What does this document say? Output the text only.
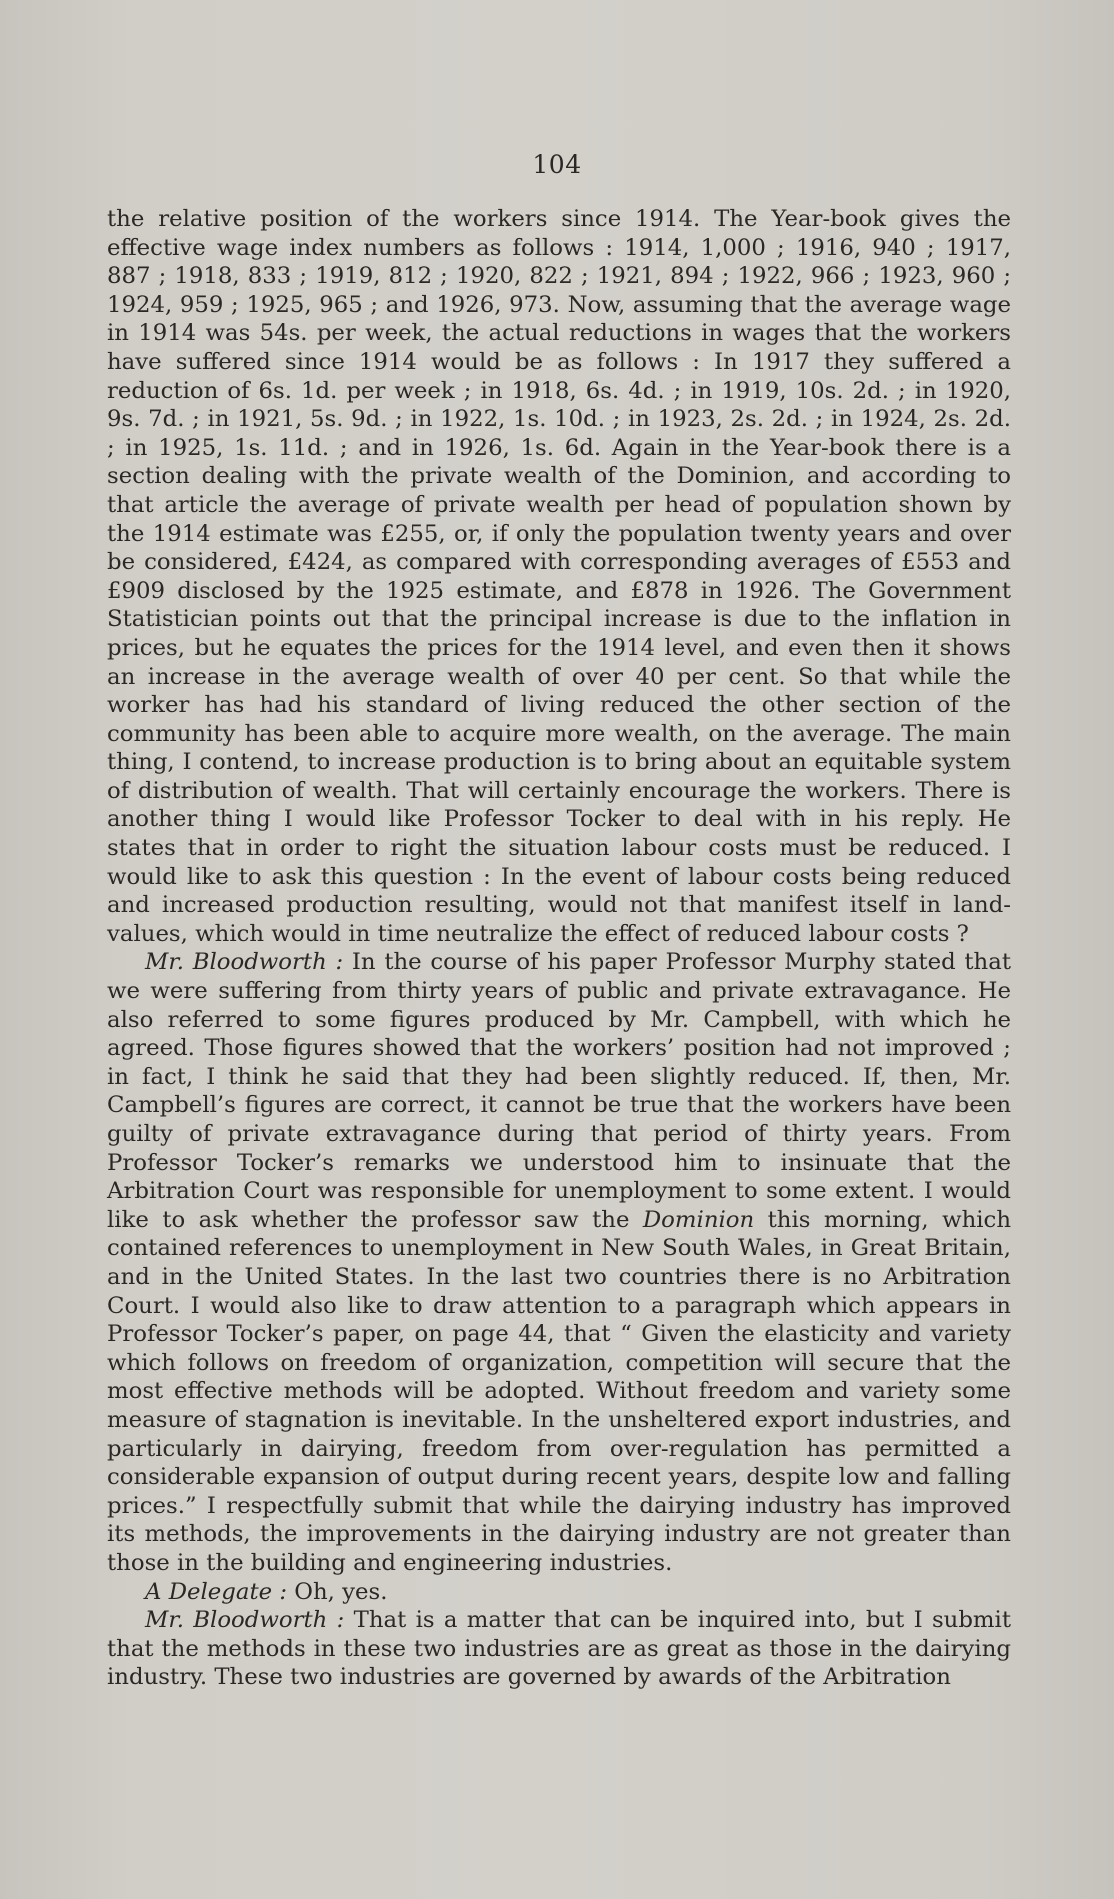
104

the relative position of the workers since 1914. The Year-book gives the effective wage index numbers as follows : 1914, 1,000 ; 1916, 940 ; 1917, 887 ; 1918, 833 ; 1919, 812 ; 1920, 822 ; 1921, 894 ; 1922, 966 ; 1923, 960 ; 1924, 959 ; 1925, 965 ; and 1926, 973. Now, assuming that the average wage in 1914 was 54s. per week, the actual reductions in wages that the workers have suffered since 1914 would be as follows : In 1917 they suffered a reduction of 6s. 1d. per week ; in 1918, 6s. 4d. ; in 1919, 10s. 2d. ; in 1920, 9s. 7d. ; in 1921, 5s. 9d. ; in 1922, 1s. 10d. ; in 1923, 2s. 2d. ; in 1924, 2s. 2d. ; in 1925, 1s. 11d. ; and in 1926, 1s. 6d. Again in the Year-book there is a section dealing with the private wealth of the Dominion, and according to that article the average of private wealth per head of population shown by the 1914 estimate was £255, or, if only the population twenty years and over be considered, £424, as compared with corresponding averages of £553 and £909 disclosed by the 1925 estimate, and £878 in 1926. The Government Statistician points out that the principal increase is due to the inflation in prices, but he equates the prices for the 1914 level, and even then it shows an increase in the average wealth of over 40 per cent. So that while the worker has had his standard of living reduced the other section of the community has been able to acquire more wealth, on the average. The main thing, I contend, to increase production is to bring about an equitable system of distribution of wealth. That will certainly encourage the workers. There is another thing I would like Professor Tocker to deal with in his reply. He states that in order to right the situation labour costs must be reduced. I would like to ask this question : In the event of labour costs being reduced and increased production resulting, would not that manifest itself in land-values, which would in time neutralize the effect of reduced labour costs ?

Mr. Bloodworth : In the course of his paper Professor Murphy stated that we were suffering from thirty years of public and private extravagance. He also referred to some figures produced by Mr. Campbell, with which he agreed. Those figures showed that the workers’ position had not improved ; in fact, I think he said that they had been slightly reduced. If, then, Mr. Campbell’s figures are correct, it cannot be true that the workers have been guilty of private extravagance during that period of thirty years. From Professor Tocker’s remarks we understood him to insinuate that the Arbitration Court was responsible for unemployment to some extent. I would like to ask whether the professor saw the Dominion this morning, which contained references to unemployment in New South Wales, in Great Britain, and in the United States. In the last two countries there is no Arbitration Court. I would also like to draw attention to a paragraph which appears in Professor Tocker’s paper, on page 44, that “ Given the elasticity and variety which follows on freedom of organization, competition will secure that the most effective methods will be adopted. Without freedom and variety some measure of stagnation is inevitable. In the unsheltered export industries, and particularly in dairying, freedom from over-regulation has permitted a considerable expansion of output during recent years, despite low and falling prices.” I respectfully submit that while the dairying industry has improved its methods, the improvements in the dairying industry are not greater than those in the building and engineering industries.

A Delegate : Oh, yes.

Mr. Bloodworth : That is a matter that can be inquired into, but I submit that the methods in these two industries are as great as those in the dairying industry. These two industries are governed by awards of the Arbitration
